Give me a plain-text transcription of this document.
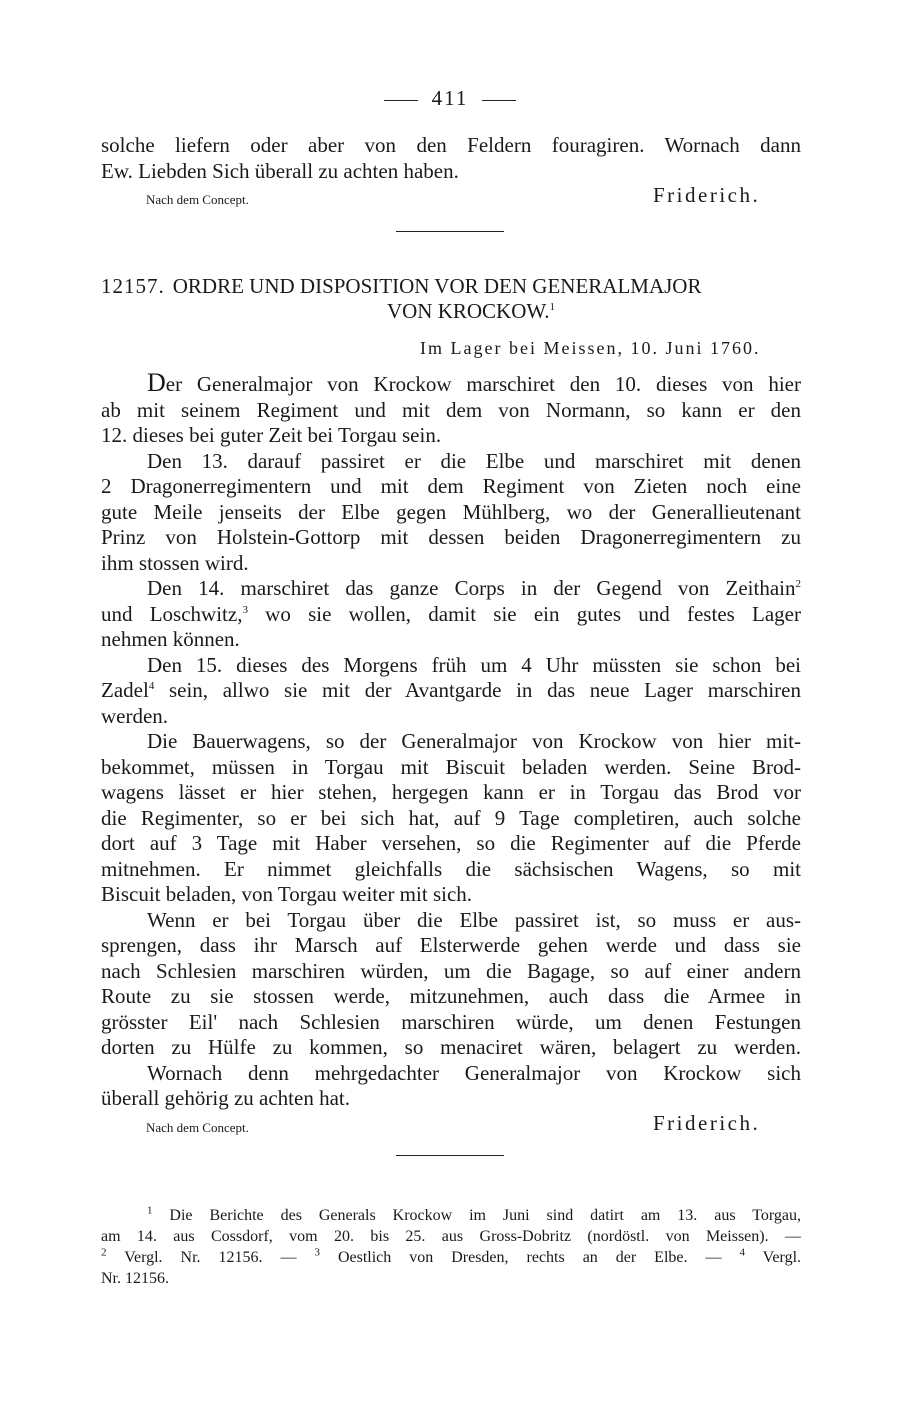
411
solche liefern oder aber von den Feldern fouragiren. Wornach dann
Ew. Liebden Sich überall zu achten haben.
Nach dem Concept.	Friderich.
12157. ORDRE UND DISPOSITION VOR DEN GENERALMAJOR
VON KROCKOW.$^1$
Im Lager bei Meissen, 10. Juni 1760.
Der Generalmajor von Krockow marschiret den 10. dieses von hier
ab mit seinem Regiment und mit dem von Normann, so kann er den
12. dieses bei guter Zeit bei Torgau sein.
Den 13. darauf passiret er die Elbe und marschiret mit denen
2 Dragonerregimentern und mit dem Regiment von Zieten noch eine
gute Meile jenseits der Elbe gegen Mühlberg, wo der Generallieutenant
Prinz von Holstein-Gottorp mit dessen beiden Dragonerregimentern zu
ihm stossen wird.
Den 14. marschiret das ganze Corps in der Gegend von Zeithain$^2$
und Loschwitz,$^3$ wo sie wollen, damit sie ein gutes und festes Lager
nehmen können.
Den 15. dieses des Morgens früh um 4 Uhr müssten sie schon bei
Zadel$^4$ sein, allwo sie mit der Avantgarde in das neue Lager marschiren
werden.
Die Bauerwagens, so der Generalmajor von Krockow von hier mit-
bekommet, müssen in Torgau mit Biscuit beladen werden. Seine Brod-
wagens lässet er hier stehen, hergegen kann er in Torgau das Brod vor
die Regimenter, so er bei sich hat, auf 9 Tage completiren, auch solche
dort auf 3 Tage mit Haber versehen, so die Regimenter auf die Pferde
mitnehmen. Er nimmet gleichfalls die sächsischen Wagens, so mit
Biscuit beladen, von Torgau weiter mit sich.
Wenn er bei Torgau über die Elbe passiret ist, so muss er aus-
sprengen, dass ihr Marsch auf Elsterwerde gehen werde und dass sie
nach Schlesien marschiren würden, um die Bagage, so auf einer andern
Route zu sie stossen werde, mitzunehmen, auch dass die Armee in
grösster Eil' nach Schlesien marschiren würde, um denen Festungen
dorten zu Hülfe zu kommen, so menaciret wären, belagert zu werden.
Wornach denn mehrgedachter Generalmajor von Krockow sich
überall gehörig zu achten hat.
Nach dem Concept.	Friderich.
$^1$ Die Berichte des Generals Krockow im Juni sind datirt am 13. aus Torgau,
am 14. aus Cossdorf, vom 20. bis 25. aus Gross-Dobritz (nordöstl. von Meissen). —
$^2$ Vergl. Nr. 12156. — $^3$ Oestlich von Dresden, rechts an der Elbe. — $^4$ Vergl.
Nr. 12156.
